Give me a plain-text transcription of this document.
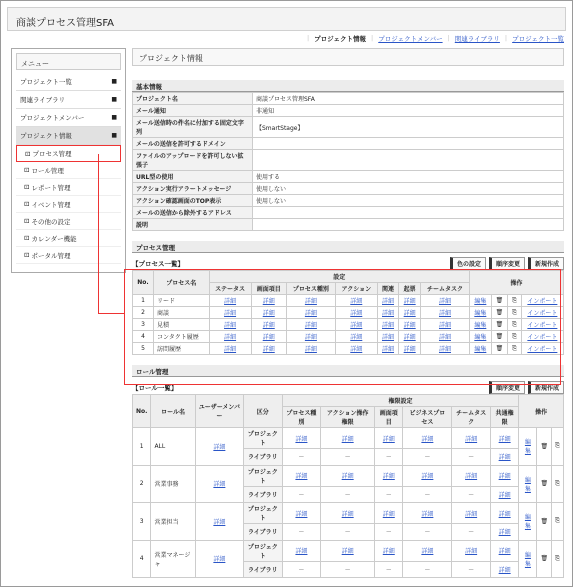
商談プロセス管理SFA
| プロジェクト情報 | プロジェクトメンバー | 関連ライブラリ | プロジェクト一覧
メニュー
プロジェクト一覧	■
関連ライブラリ	■
プロジェクトメンバー	■
プロジェクト情報	■
⊡ プロセス管理
⊡ ロール管理
⊡ レポート管理
⊡ イベント管理
⊡ その他の設定
⊡ カレンダー機能
⊡ ポータル管理
プロジェクト情報
基本情報
プロジェクト名	商談プロセス管理SFA
メール通知	非通知
メール送信時の件名に付加する固定文字列	【SmartStage】
メールの送信を許可するドメイン	
ファイルのアップロードを許可しない拡張子	
URL型の使用	使用する
アクション実行アラートメッセージ	使用しない
アクション確認画面のTOP表示	使用しない
メールの送信から除外するアドレス	
説明	
プロセス管理
【プロセス一覧】	色の設定	順序変更	新規作成
No.	プロセス名	設定							操作			
		ステータス	画面項目	プロセス種別	アクション	関連	起票	チームタスク				
1	リード	詳細	詳細	詳細	詳細	詳細	詳細	詳細	編集	🗑	⎘	インポート
2	商談	詳細	詳細	詳細	詳細	詳細	詳細	詳細	編集	🗑	⎘	インポート
3	見積	詳細	詳細	詳細	詳細	詳細	詳細	詳細	編集	🗑	⎘	インポート
4	コンタクト履歴	詳細	詳細	詳細	詳細	詳細	詳細	詳細	編集	🗑	⎘	インポート
5	訪問履歴	詳細	詳細	詳細	詳細	詳細	詳細	詳細	編集	🗑	⎘	インポート
ロール管理
【ロール一覧】	順序変更	新規作成
No.	ロール名	ユーザーメンバー	区分	権限設定						操作		
				プロセス種別	アクション操作権限	画面項目	ビジネスプロセス	チームタスク	共通権限			
1	ALL	詳細	プロジェクト	詳細	詳細	詳細	詳細	詳細	詳細	編集	🗑	⎘
			ライブラリ	－	－	－	－	－	詳細			
2	営業事務	詳細	プロジェクト	詳細	詳細	詳細	詳細	詳細	詳細	編集	🗑	⎘
			ライブラリ	－	－	－	－	－	詳細			
3	営業担当	詳細	プロジェクト	詳細	詳細	詳細	詳細	詳細	詳細	編集	🗑	⎘
			ライブラリ	－	－	－	－	－	詳細			
4	営業マネージャ	詳細	プロジェクト	詳細	詳細	詳細	詳細	詳細	詳細	編集	🗑	⎘
			ライブラリ	－	－	－	－	－	詳細			
